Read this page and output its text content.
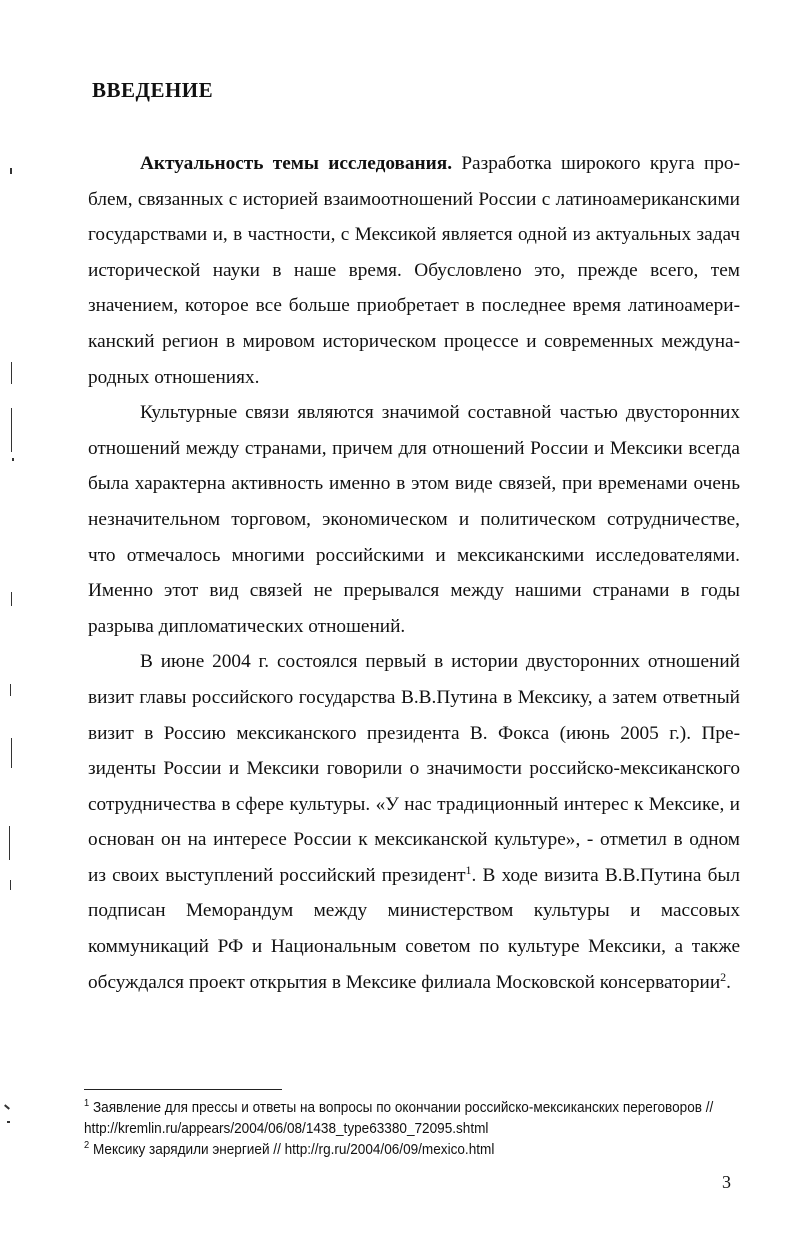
ВВЕДЕНИЕ

Актуальность темы исследования. Разработка широкого круга проблем, связанных с историей взаимоотношений России с латиноамериканскими государствами и, в частности, с Мексикой является одной из актуальных задач исторической науки в наше время. Обусловлено это, прежде всего, тем значением, которое все больше приобретает в последнее время латиноамериканский регион в мировом историческом процессе и современных международных отношениях.

Культурные связи являются значимой составной частью двусторонних отношений между странами, причем для отношений России и Мексики всегда была характерна активность именно в этом виде связей, при временами очень незначительном торговом, экономическом и политическом сотрудничестве, что отмечалось многими российскими и мексиканскими исследователями. Именно этот вид связей не прерывался между нашими странами в годы разрыва дипломатических отношений.

В июне 2004 г. состоялся первый в истории двусторонних отношений визит главы российского государства В.В.Путина в Мексику, а затем ответный визит в Россию мексиканского президента В. Фокса (июнь 2005 г.). Президенты России и Мексики говорили о значимости российско-мексиканского сотрудничества в сфере культуры. «У нас традиционный интерес к Мексике, и основан он на интересе России к мексиканской культуре», - отметил в одном из своих выступлений российский президент$^1$. В ходе визита В.В.Путина был подписан Меморандум между министерством культуры и массовых коммуникаций РФ и Национальным советом по культуре Мексики, а также обсуждался проект открытия в Мексике филиала Московской консерватории$^2$.

$^1$ Заявление для прессы и ответы на вопросы по окончании российско-мексиканских переговоров // http://kremlin.ru/appears/2004/06/08/1438_type63380_72095.shtml

$^2$ Мексику зарядили энергией // http://rg.ru/2004/06/09/mexico.html

3
